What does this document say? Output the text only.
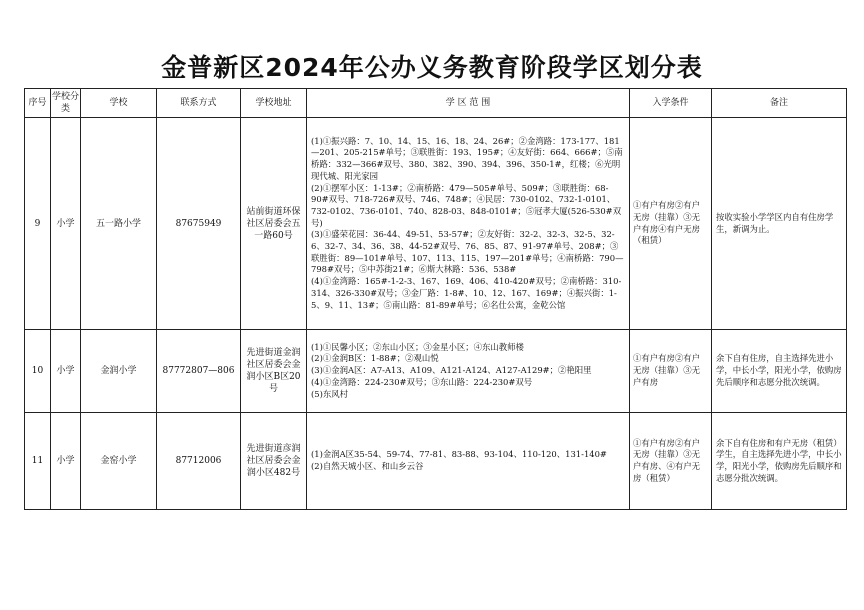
金普新区2024年公办义务教育阶段学区划分表
序号	学校分类	学校	联系方式	学校地址	学 区 范 围	入学条件	备注
9	小学	五一路小学	87675949	站前街道环保社区居委会五一路60号	(1)①振兴路：7、10、14、15、16、18、24、26#；②金湾路：173-177、181—201、205-215#单号；③联胜街：193、195#；④友好街：664、666#；⑤南桥路：332—366#双号、380、382、390、394、396、350-1#，红楼；⑥光明现代城、阳光家园
(2)①摆军小区：1-13#；②南桥路：479—505#单号、509#；③联胜街：68-90#双号、718-726#双号、746、748#；④民居：730-0102、732-1-0101、732-0102、736-0101、740、828-03、848-0101#；⑤冠孝大厦(526-530#双号)
(3)①盛荣花园：36-44、49-51、53-57#；②友好街：32-2、32-3、32-5、32-6、32-7、34、36、38、44-52#双号、76、85、87、91-97#单号、208#；③联胜街：89—101#单号、107、113、115、197—201#单号；④南桥路：790—798#双号；⑤中苏街21#；⑥斯大林路：536、538#
(4)①金湾路：165#-1-2-3、167、169、406、410-420#双号；②南桥路：310-314、326-330#双号；③金厂路：1-8#、10、12、167、169#；④振兴街：1-5、9、11、13#；⑤南山路：81-89#单号；⑥名仕公寓，金乾公馆	①有户有房②有户无房（挂靠）③无户有房④有户无房（租赁）	按收实验小学学区内自有住房学生，新调为止。
10	小学	金润小学	87772807—806	先进街道金润社区居委会金润小区B区20号	(1)①民馨小区；②东山小区；③金星小区；④东山教师楼
(2)①金润B区：1-88#；②观山悦
(3)①金润A区：A7-A13、A109、A121-A124、A127-A129#；②艳阳里
(4)①金湾路：224-230#双号；③东山路：224-230#双号
(5)东风村	①有户有房②有户无房（挂靠）③无户有房	余下自有住房，自主选择先进小学，中长小学，阳光小学，依购房先后顺序和志愿分批次统调。
11	小学	金窑小学	87712006	先进街道彦润社区居委会金润小区482号	(1)金润A区35-54、59-74、77-81、83-88、93-104、110-120、131-140#
(2)自然天城小区、和山乡云谷	①有户有房②有户无房（挂靠）③无户有房、④有户无房（租赁）	余下自有住房和有户无房（租赁）学生，自主选择先进小学，中长小学，阳光小学，依购房先后顺序和志愿分批次统调。
